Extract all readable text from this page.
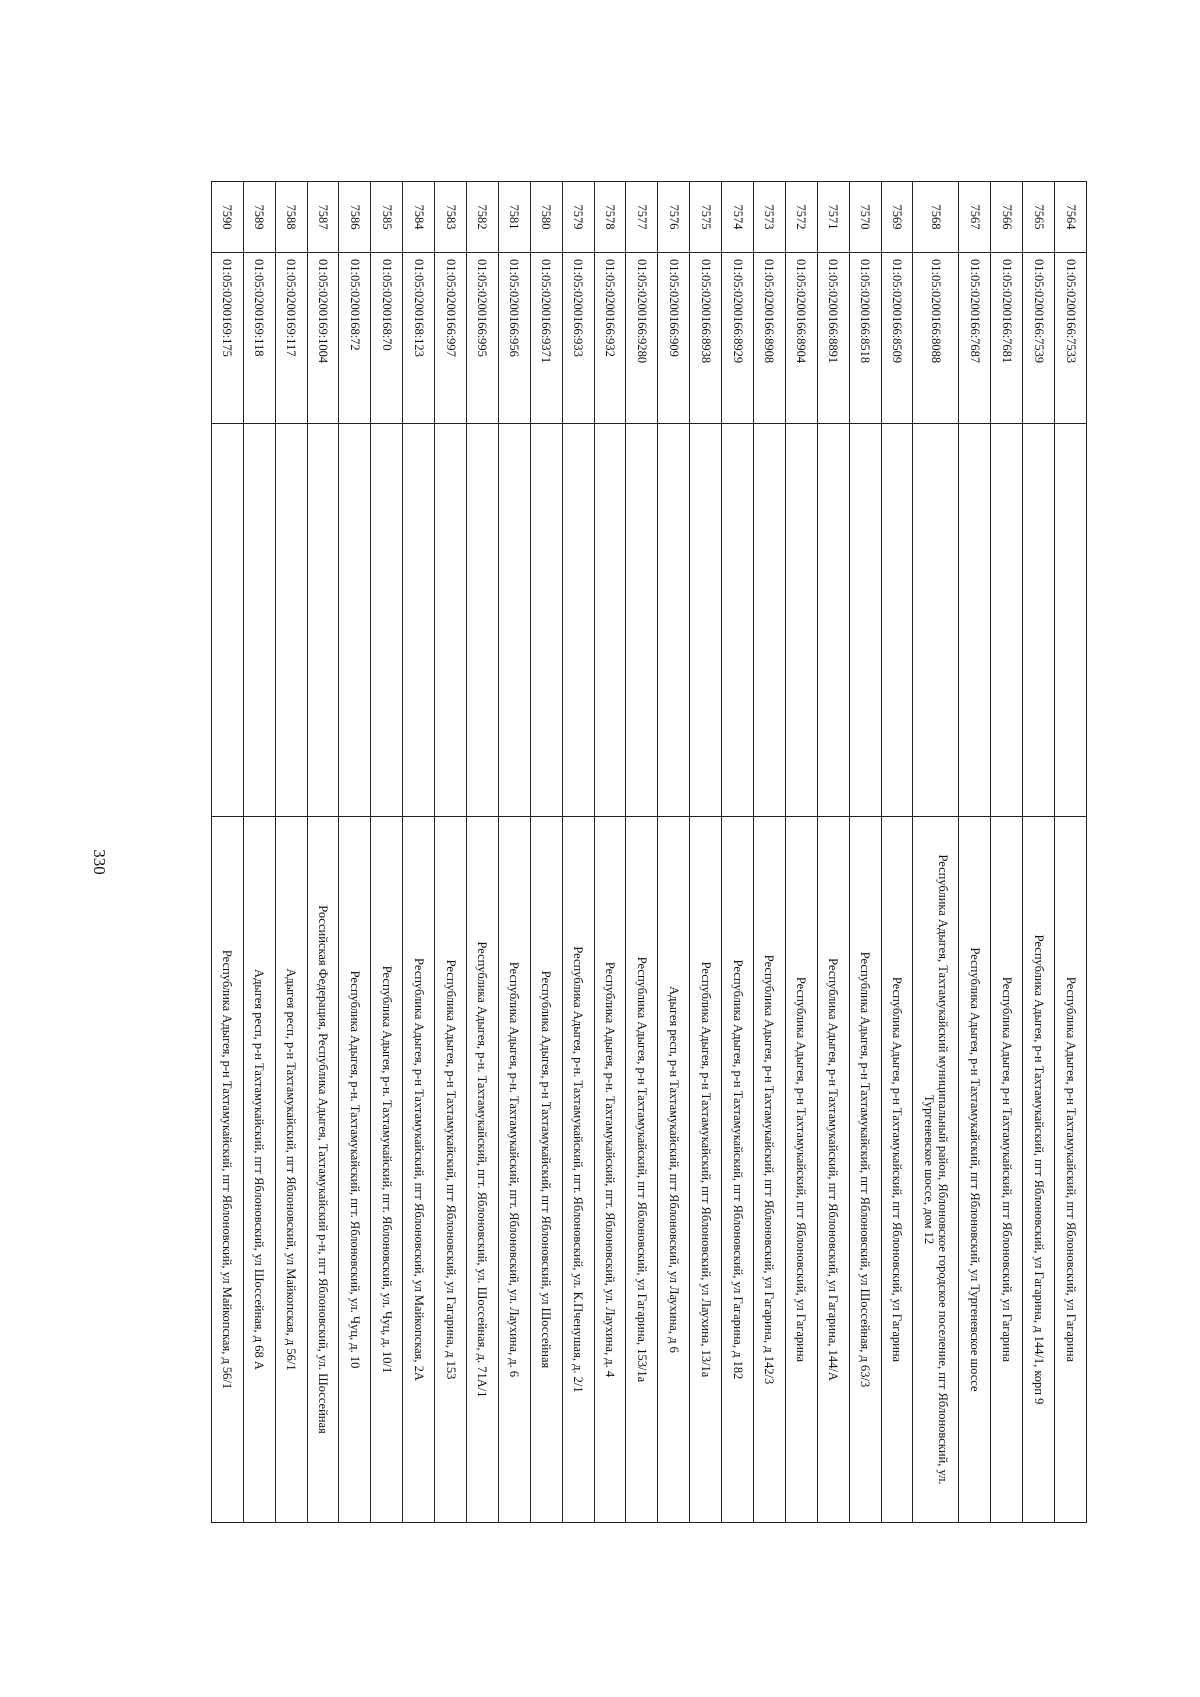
330
7564	01:05:0200166:7533		Республика Адыгея, р-н Тахтамукайский, пгт Яблоновский, ул Гагарина
7565	01:05:0200166:7539		Республика Адыгея, р-н Тахтамукайский, пгт Яблоновский, ул Гагарина, д 144/1, корп 9
7566	01:05:0200166:7681		Республика Адыгея, р-н Тахтамукайский, пгт Яблоновский, ул Гагарина
7567	01:05:0200166:7687		Республика Адыгея, р-н Тахтамукайский, пгт Яблоновский, ул Тургеневское шоссе
7568	01:05:0200166:8088		Республика Адыгея, Тахтамукайский муниципальный район, Яблоновское городское поселение, пгт Яблоновский, ул. Тургеневское шоссе, дом 12
7569	01:05:0200166:8509		Республика Адыгея, р-н Тахтамукайский, пгт Яблоновский, ул Гагарина
7570	01:05:0200166:8518		Республика Адыгея, р-н Тахтамукайский, пгт Яблоновский, ул Шоссейная, д 63/3
7571	01:05:0200166:8891		Республика Адыгея, р-н Тахтамукайский, пгт Яблоновский, ул Гагарина, 144/А
7572	01:05:0200166:8904		Республика Адыгея, р-н Тахтамукайский, пгт Яблоновский, ул Гагарина
7573	01:05:0200166:8908		Республика Адыгея, р-н Тахтамукайский, пгт Яблоновский, ул Гагарина, д 142/3
7574	01:05:0200166:8929		Республика Адыгея, р-н Тахтамукайский, пгт Яблоновский, ул Гагарина, д 182
7575	01:05:0200166:8938		Республика Адыгея, р-н Тахтамукайский, пгт Яблоновский, ул Лаухина, 13/1а
7576	01:05:0200166:909		Адыгея респ, р-н Тахтамукайский, пгт Яблоновский, ул Лаухина, д 6
7577	01:05:0200166:9280		Республика Адыгея, р-н Тахтамукайский, пгт Яблоновский, ул Гагарина, 153/1а
7578	01:05:0200166:932		Республика Адыгея, р-н. Тахтамукайский, пгт. Яблоновский, ул. Лаухина, д. 4
7579	01:05:0200166:933		Республика Адыгея, р-н. Тахтамукайский, пгт. Яблоновский, ул. К.Пченушая, д. 2/1
7580	01:05:0200166:9371		Республика Адыгея, р-н Тахтамукайский, пгт Яблоновский, ул Шоссейная
7581	01:05:0200166:956		Республика Адыгея, р-н. Тахтамукайский, пгт. Яблоновский, ул. Лаухина, д. 6
7582	01:05:0200166:995		Республика Адыгея, р-н. Тахтамукайский, пгт. Яблоновский, ул. Шоссейная, д. 71А/1
7583	01:05:0200166:997		Республика Адыгея, р-н Тахтамукайский, пгт Яблоновский, ул Гагарина, д 153
7584	01:05:0200168:123		Республика Адыгея, р-н Тахтамукайский, пгт Яблоновский, ул Майкопская, 2А
7585	01:05:0200168:70		Республика Адыгея, р-н. Тахтамукайский, пгт. Яблоновский, ул. Чуц, д. 10/1
7586	01:05:0200168:72		Республика Адыгея, р-н. Тахтамукайский, пгт. Яблоновский, ул. Чуц, д. 10
7587	01:05:0200169:1004		Российская Федерация, Республика Адыгея, Тахтамукайский р-н, пгт Яблоновский, ул. Шоссейная
7588	01:05:0200169:117		Адыгея респ, р-н Тахтамукайский, пгт Яблоновский, ул Майкопская, д 56/1
7589	01:05:0200169:118		Адыгея респ, р-н Тахтамукайский, пгт Яблоновский, ул Шоссейная, д 68 А
7590	01:05:0200169:175		Республика Адыгея, р-н Тахтамукайский, пгт Яблоновский, ул Майкопская, д 56/1
